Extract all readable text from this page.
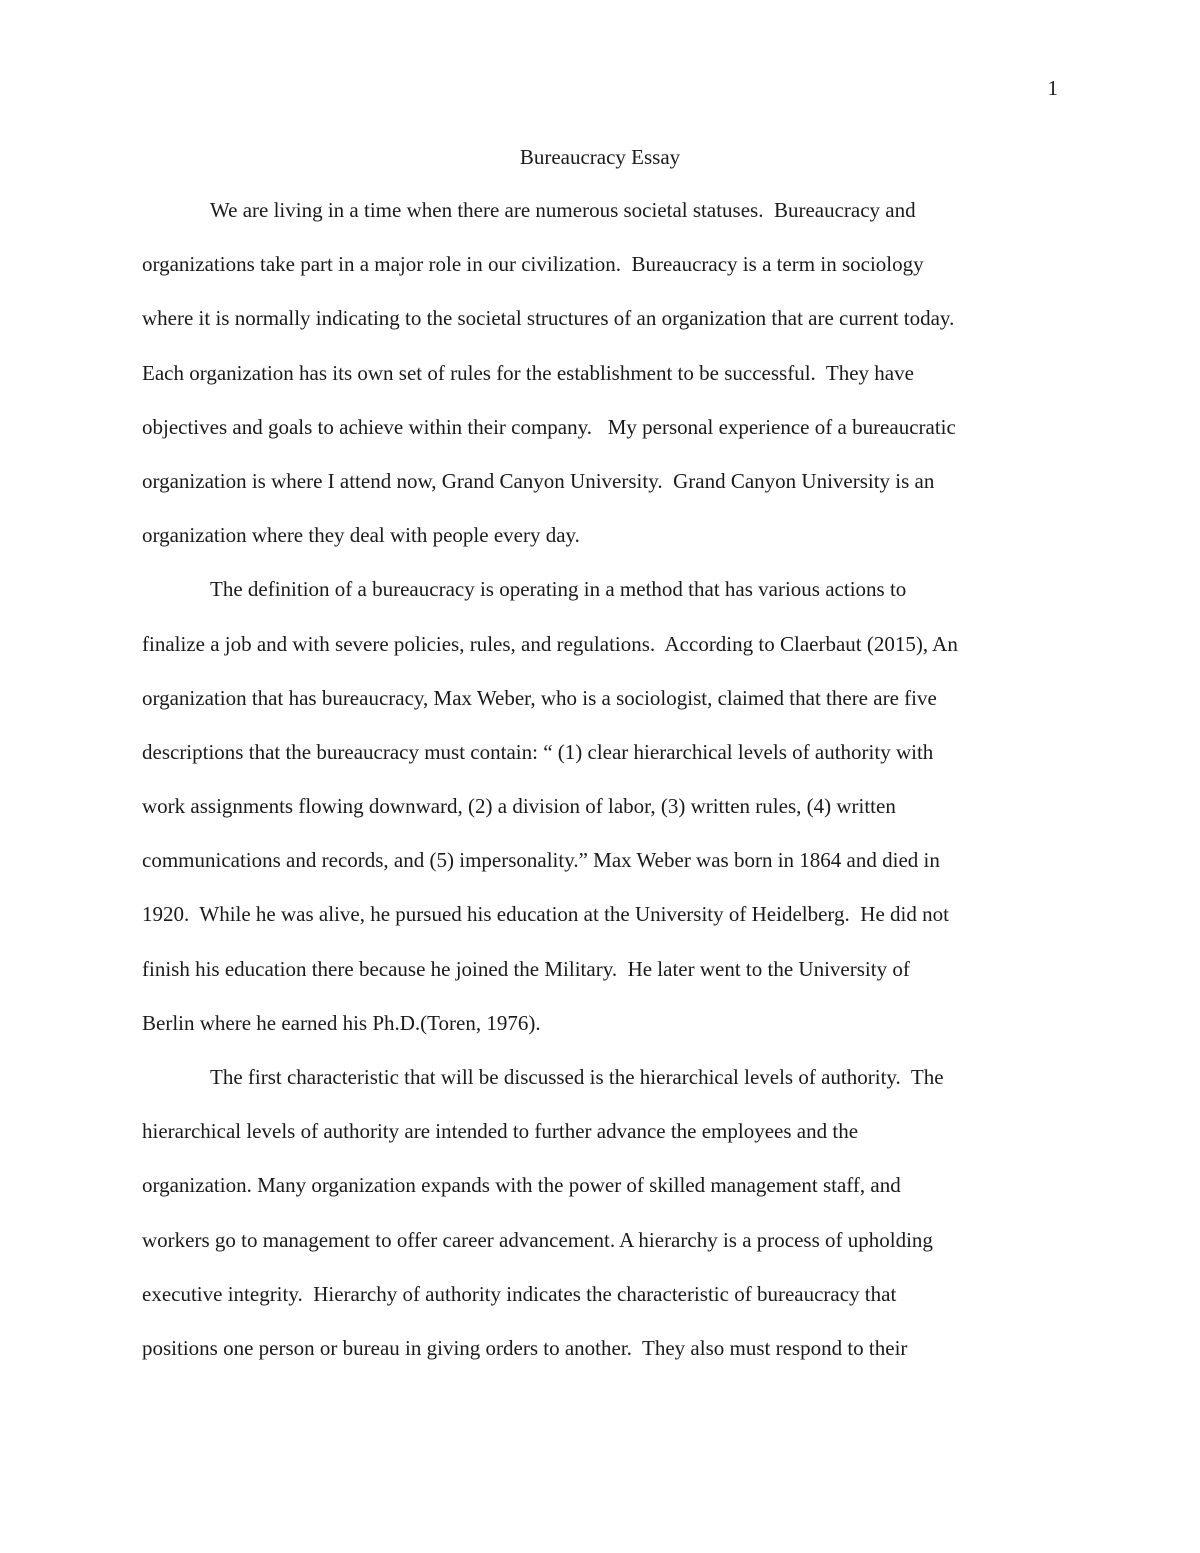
1
Bureaucracy Essay
We are living in a time when there are numerous societal statuses.  Bureaucracy and
organizations take part in a major role in our civilization.  Bureaucracy is a term in sociology
where it is normally indicating to the societal structures of an organization that are current today.
Each organization has its own set of rules for the establishment to be successful.  They have
objectives and goals to achieve within their company.   My personal experience of a bureaucratic
organization is where I attend now, Grand Canyon University.  Grand Canyon University is an
organization where they deal with people every day.
The definition of a bureaucracy is operating in a method that has various actions to
finalize a job and with severe policies, rules, and regulations.  According to Claerbaut (2015), An
organization that has bureaucracy, Max Weber, who is a sociologist, claimed that there are five
descriptions that the bureaucracy must contain: “ (1) clear hierarchical levels of authority with
work assignments flowing downward, (2) a division of labor, (3) written rules, (4) written
communications and records, and (5) impersonality.” Max Weber was born in 1864 and died in
1920.  While he was alive, he pursued his education at the University of Heidelberg.  He did not
finish his education there because he joined the Military.  He later went to the University of
Berlin where he earned his Ph.D.(Toren, 1976).
The first characteristic that will be discussed is the hierarchical levels of authority.  The
hierarchical levels of authority are intended to further advance the employees and the
organization. Many organization expands with the power of skilled management staff, and
workers go to management to offer career advancement. A hierarchy is a process of upholding
executive integrity.  Hierarchy of authority indicates the characteristic of bureaucracy that
positions one person or bureau in giving orders to another.  They also must respond to their
